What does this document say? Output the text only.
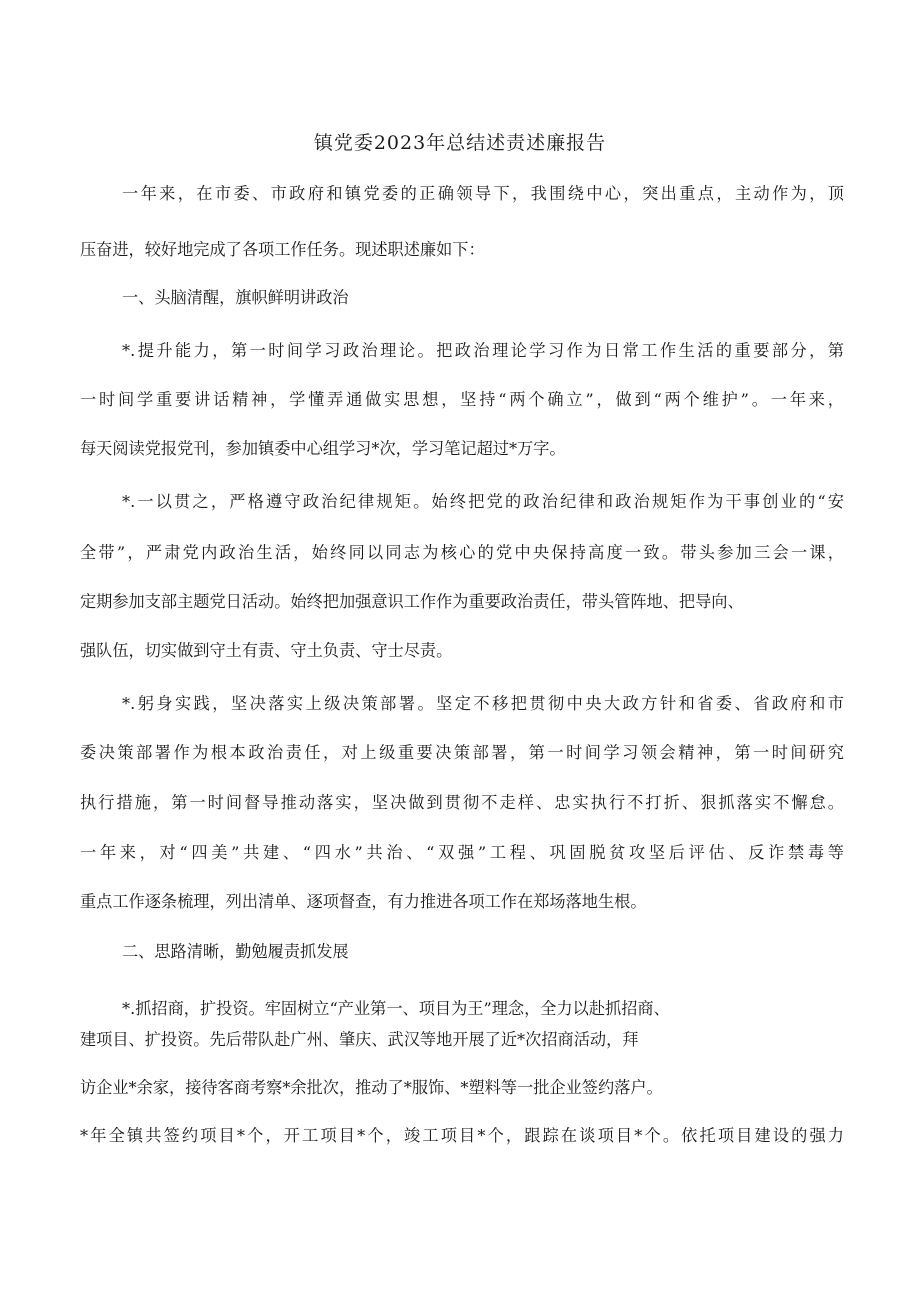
镇党委2023年总结述责述廉报告
一年来，在市委、市政府和镇党委的正确领导下，我围绕中心，突出重点，主动作为，顶
压奋进，较好地完成了各项工作任务。现述职述廉如下：
一、头脑清醒，旗帜鲜明讲政治
*.提升能力，第一时间学习政治理论。把政治理论学习作为日常工作生活的重要部分，第
一时间学重要讲话精神，学懂弄通做实思想，坚持“两个确立”，做到“两个维护”。一年来，
每天阅读党报党刊，参加镇委中心组学习*次，学习笔记超过*万字。
*.一以贯之，严格遵守政治纪律规矩。始终把党的政治纪律和政治规矩作为干事创业的“安
全带”，严肃党内政治生活，始终同以同志为核心的党中央保持高度一致。带头参加三会一课，
定期参加支部主题党日活动。始终把加强意识工作作为重要政治责任，带头管阵地、把导向、
强队伍，切实做到守土有责、守土负责、守士尽责。
*.躬身实践，坚决落实上级决策部署。坚定不移把贯彻中央大政方针和省委、省政府和市
委决策部署作为根本政治责任，对上级重要决策部署，第一时间学习领会精神，第一时间研究
执行措施，第一时间督导推动落实，坚决做到贯彻不走样、忠实执行不打折、狠抓落实不懈怠。
一年来，对“四美”共建、“四水”共治、“双强”工程、巩固脱贫攻坚后评估、反诈禁毒等
重点工作逐条梳理，列出清单、逐项督查，有力推进各项工作在郑场落地生根。
二、思路清晰，勤勉履责抓发展
*.抓招商，扩投资。牢固树立“产业第一、项目为王”理念，全力以赴抓招商、
建项目、扩投资。先后带队赴广州、肇庆、武汉等地开展了近*次招商活动，拜
访企业*余家，接待客商考察*余批次，推动了*服饰、*塑料等一批企业签约落户。
*年全镇共签约项目*个，开工项目*个，竣工项目*个，跟踪在谈项目*个。依托项目建设的强力
